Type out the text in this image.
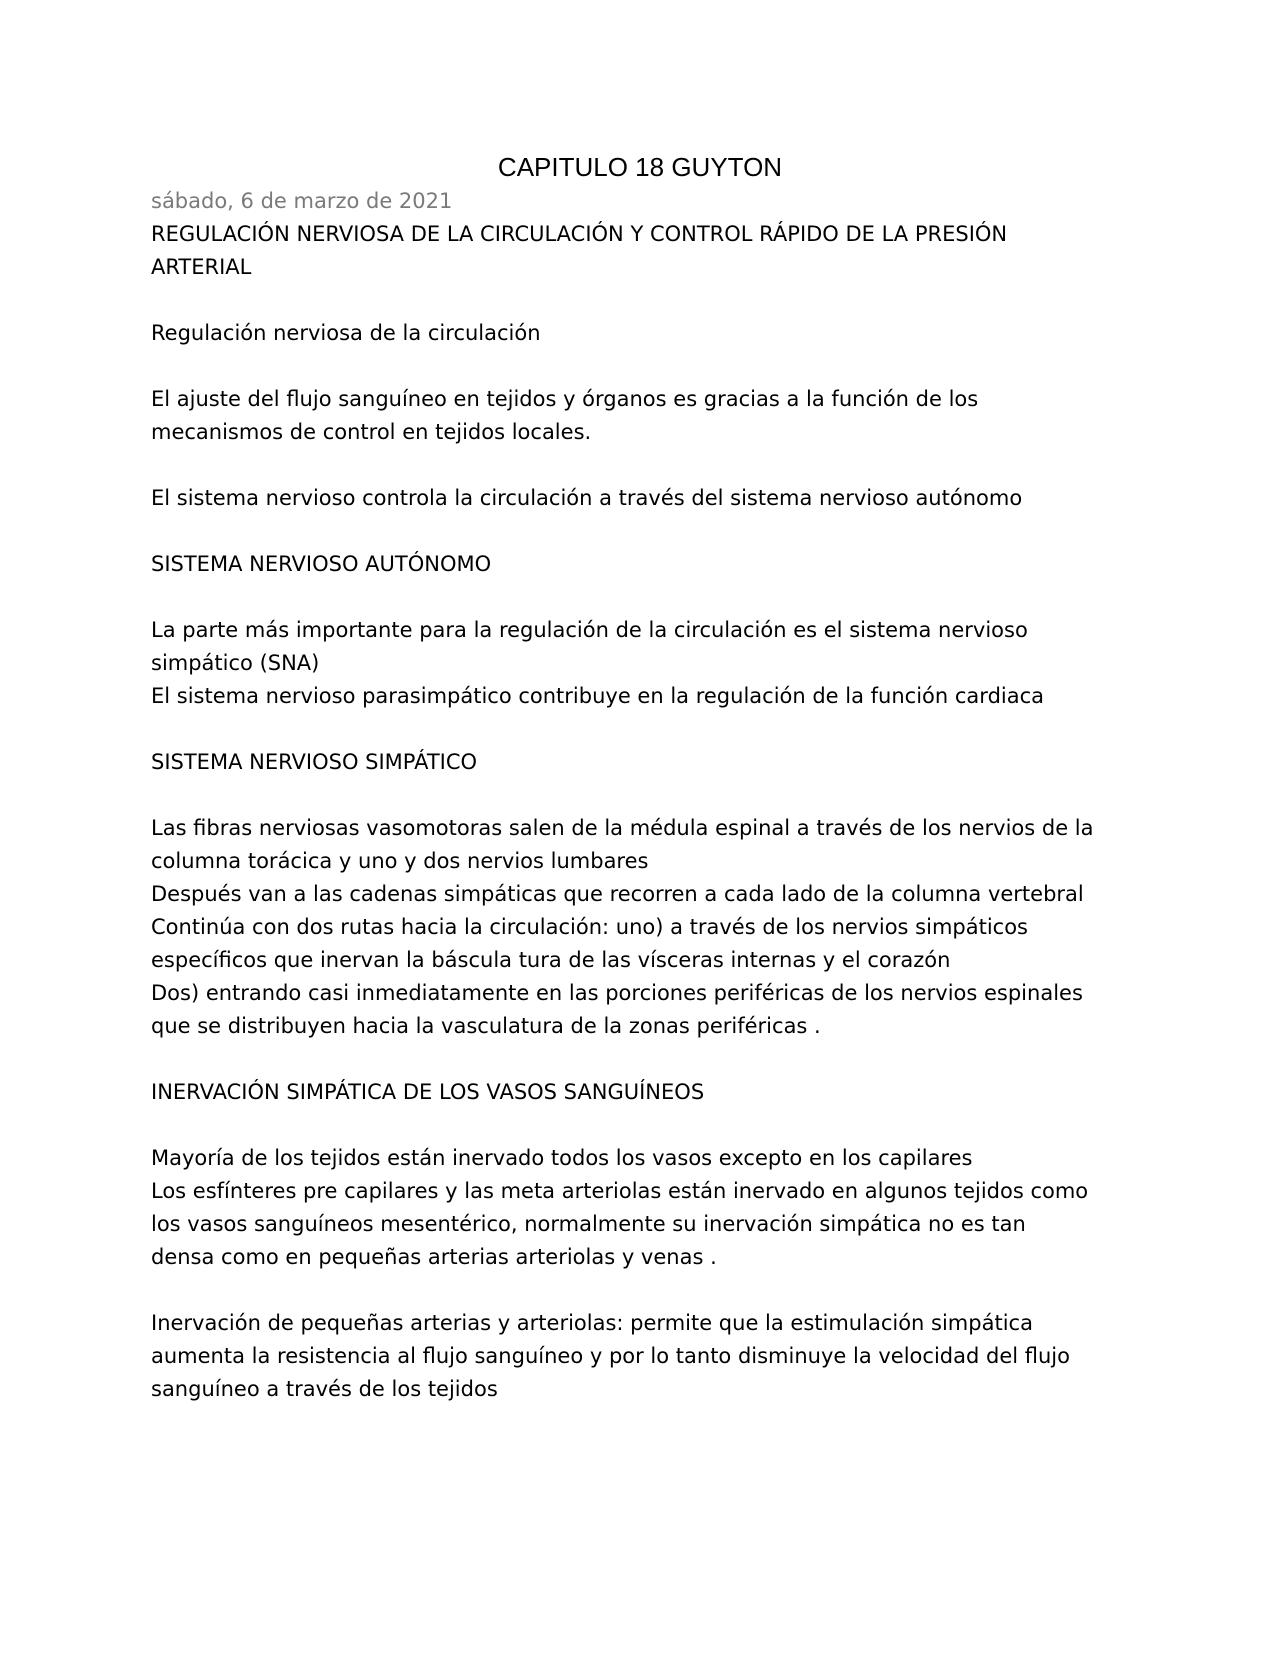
CAPITULO 18 GUYTON
sábado, 6 de marzo de 2021
REGULACIÓN NERVIOSA DE LA CIRCULACIÓN Y CONTROL RÁPIDO DE LA PRESIÓN
ARTERIAL
Regulación nerviosa de la circulación
El ajuste del flujo sanguíneo en tejidos y órganos es gracias a la función de los
mecanismos de control en tejidos locales.
El sistema nervioso controla la circulación a través del sistema nervioso autónomo
SISTEMA NERVIOSO AUTÓNOMO
La parte más importante para la regulación de la circulación es el sistema nervioso
simpático (SNA)
El sistema nervioso parasimpático contribuye en la regulación de la función cardiaca
SISTEMA NERVIOSO SIMPÁTICO
Las fibras nerviosas vasomotoras salen de la médula espinal a través de los nervios de la
columna torácica y uno y dos nervios lumbares
Después van a las cadenas simpáticas que recorren a cada lado de la columna vertebral
Continúa con dos rutas hacia la circulación: uno) a través de los nervios simpáticos
específicos que inervan la báscula tura de las vísceras internas y el corazón
Dos) entrando casi inmediatamente en las porciones periféricas de los nervios espinales
que se distribuyen hacia la vasculatura de la zonas periféricas .
INERVACIÓN SIMPÁTICA DE LOS VASOS SANGUÍNEOS
Mayoría de los tejidos están inervado todos los vasos excepto en los capilares
Los esfínteres pre capilares y las meta arteriolas están inervado en algunos tejidos como
los vasos sanguíneos mesentérico, normalmente su inervación simpática no es tan
densa como en pequeñas arterias arteriolas y venas .
Inervación de pequeñas arterias y arteriolas: permite que la estimulación simpática
aumenta la resistencia al flujo sanguíneo y por lo tanto disminuye la velocidad del flujo
sanguíneo a través de los tejidos
